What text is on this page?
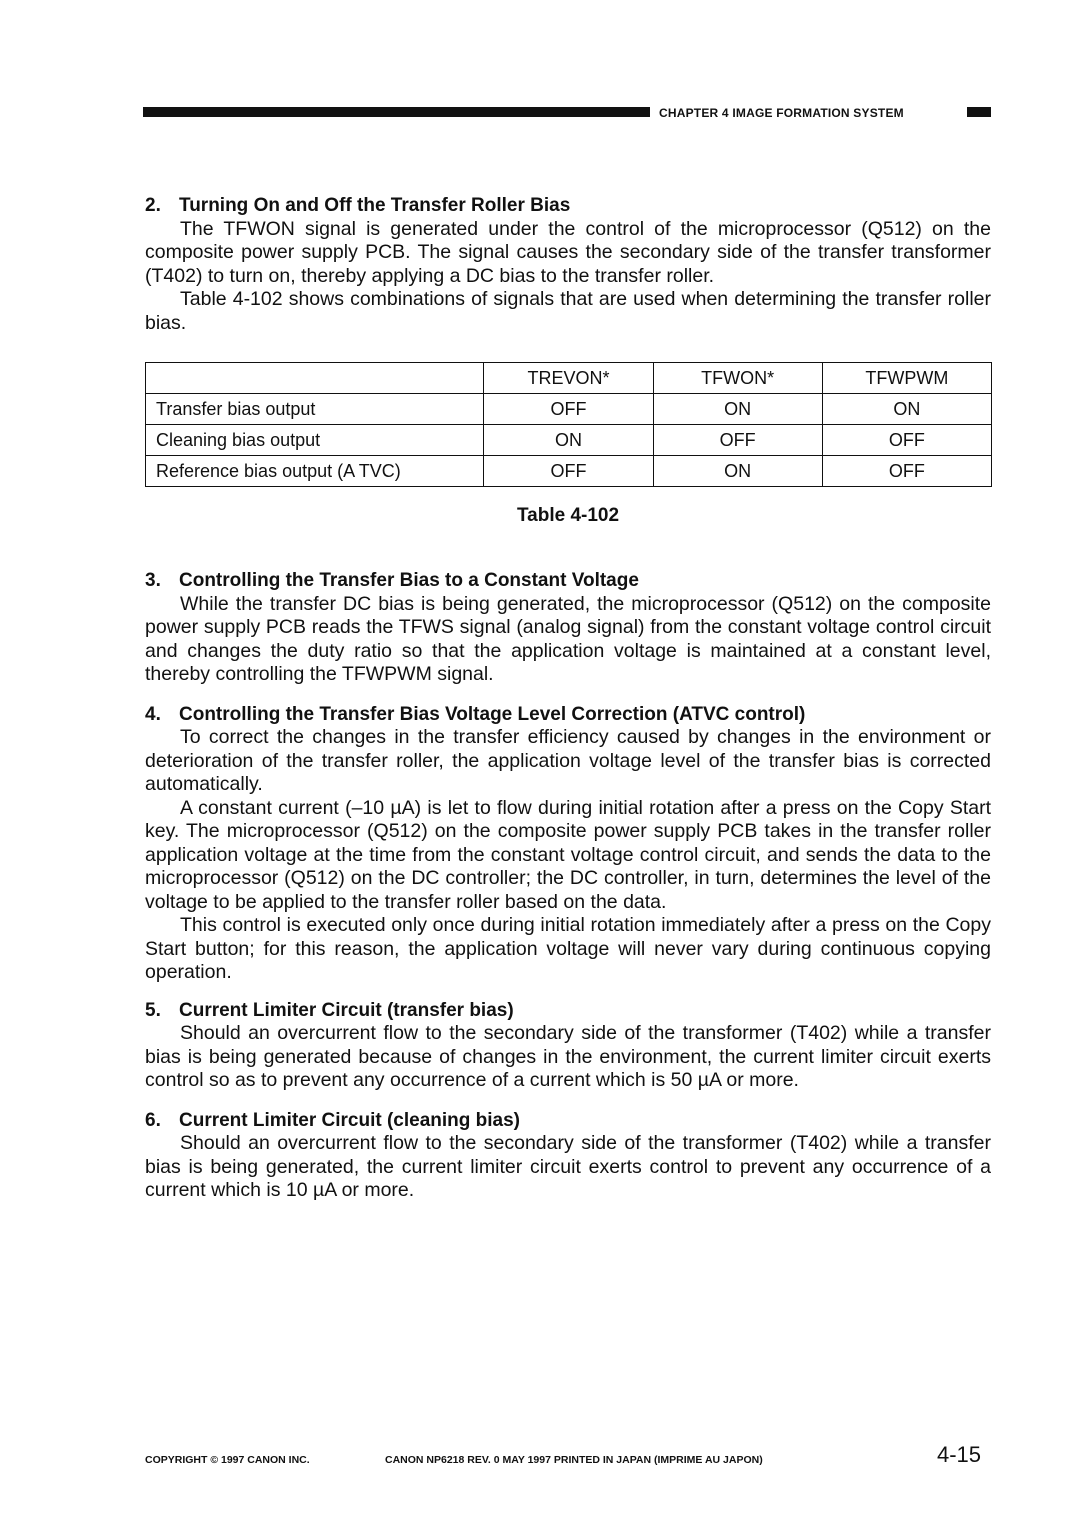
CHAPTER 4 IMAGE FORMATION SYSTEM
2. Turning On and Off the Transfer Roller Bias

The TFWON signal is generated under the control of the microprocessor (Q512) on the composite power supply PCB. The signal causes the secondary side of the transfer transformer (T402) to turn on, thereby applying a DC bias to the transfer roller.

Table 4-102 shows combinations of signals that are used when determining the transfer roller bias.

	TREVON*	TFWON*	TFWPWM
Transfer bias output	OFF	ON	ON
Cleaning bias output	ON	OFF	OFF
Reference bias output (A TVC)	OFF	ON	OFF
Table 4-102
3. Controlling the Transfer Bias to a Constant Voltage

While the transfer DC bias is being generated, the microprocessor (Q512) on the composite power supply PCB reads the TFWS signal (analog signal) from the constant voltage control circuit and changes the duty ratio so that the application voltage is maintained at a constant level, thereby controlling the TFWPWM signal.

4. Controlling the Transfer Bias Voltage Level Correction (ATVC control)

To correct the changes in the transfer efficiency caused by changes in the environment or deterioration of the transfer roller, the application voltage level of the transfer bias is corrected automatically.

A constant current (–10 µA) is let to flow during initial rotation after a press on the Copy Start key. The microprocessor (Q512) on the composite power supply PCB takes in the transfer roller application voltage at the time from the constant voltage control circuit, and sends the data to the microprocessor (Q512) on the DC controller; the DC controller, in turn, determines the level of the voltage to be applied to the transfer roller based on the data.

This control is executed only once during initial rotation immediately after a press on the Copy Start button; for this reason, the application voltage will never vary during continuous copying operation.

5. Current Limiter Circuit (transfer bias)

Should an overcurrent flow to the secondary side of the transformer (T402) while a transfer bias is being generated because of changes in the environment, the current limiter circuit exerts control so as to prevent any occurrence of a current which is 50 µA or more.

6. Current Limiter Circuit (cleaning bias)

Should an overcurrent flow to the secondary side of the transformer (T402) while a transfer bias is being generated, the current limiter circuit exerts control to prevent any occurrence of a current which is 10 µA or more.

COPYRIGHT © 1997 CANON INC.	CANON NP6218 REV. 0 MAY 1997 PRINTED IN JAPAN (IMPRIME AU JAPON)	4-15
